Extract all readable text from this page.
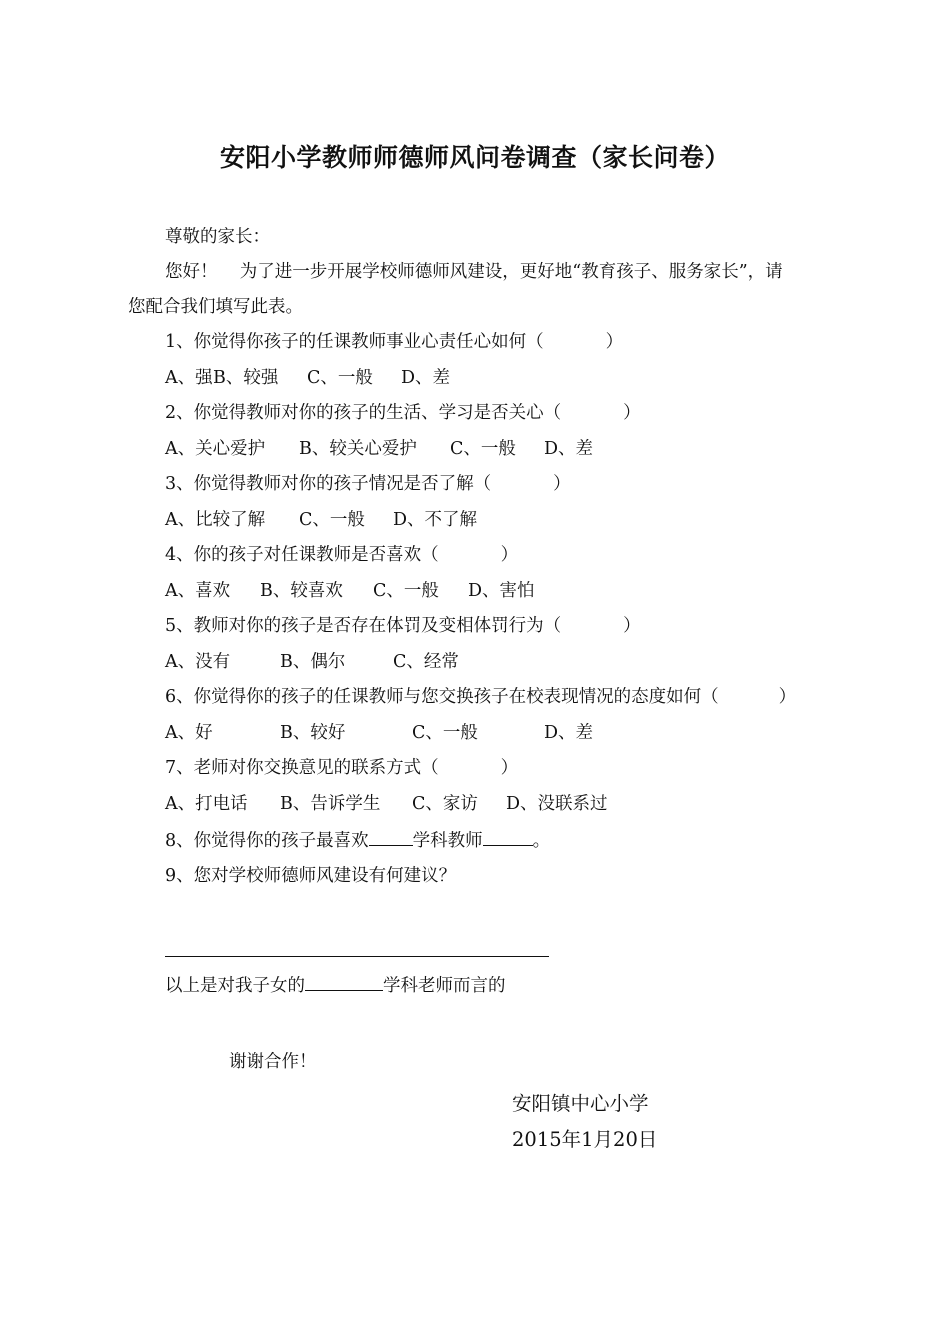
安阳小学教师师德师风问卷调查（家长问卷）
尊敬的家长：
您好！    为了进一步开展学校师德师风建设，更好地“教育孩子、服务家长”，请
您配合我们填写此表。
1、你觉得你孩子的任课教师事业心责任心如何（	）
A、强B、较强 C、一般 D、差
2、你觉得教师对你的孩子的生活、学习是否关心（	）
A、关心爱护 B、较关心爱护 C、一般 D、差
3、你觉得教师对你的孩子情况是否了解（	）
A、比较了解 C、一般 D、不了解
4、你的孩子对任课教师是否喜欢（	）
A、喜欢 B、较喜欢 C、一般 D、害怕
5、教师对你的孩子是否存在体罚及变相体罚行为（	）
A、没有	B、偶尔	C、经常
6、你觉得你的孩子的任课教师与您交换孩子在校表现情况的态度如何（	）
A、好	B、较好	C、一般	D、差
7、老师对你交换意见的联系方式（	）
A、打电话 B、告诉学生 C、家访 D、没联系过
8、你觉得你的孩子最喜欢	学科教师	。
9、您对学校师德师风建设有何建议？
以上是对我子女的	学科老师而言的
谢谢合作！
安阳镇中心小学
2015年1月20日
